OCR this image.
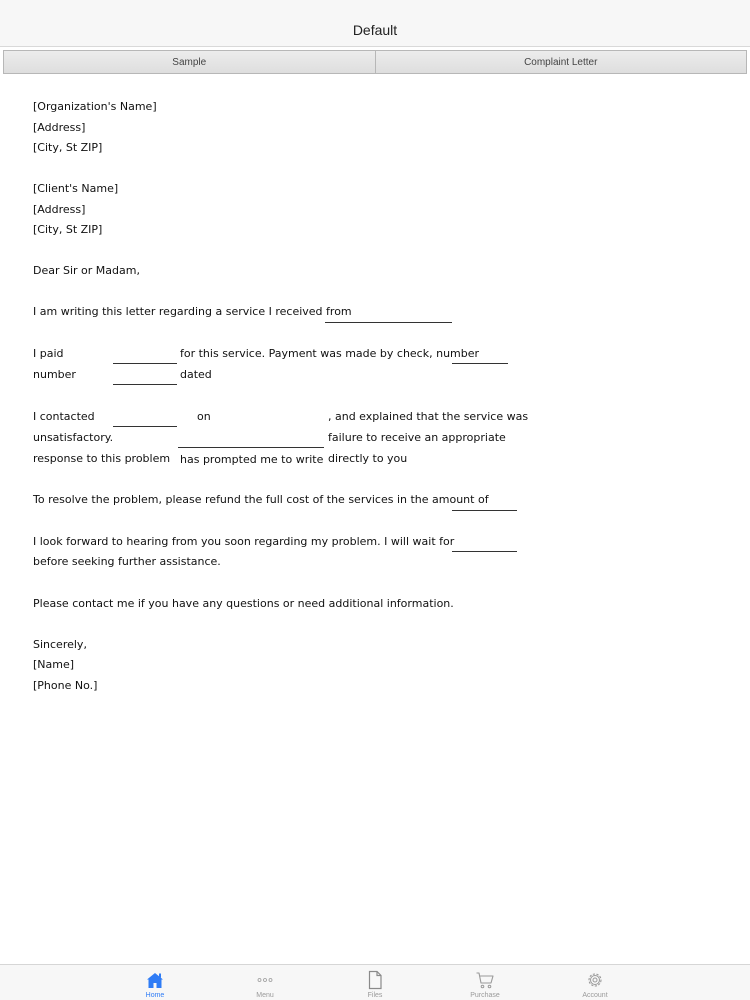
Default
Sample	Complaint Letter
[Organization's Name]
[Address]
[City, St ZIP]
[Client's Name]
[Address]
[City, St ZIP]
Dear Sir or Madam,
I am writing this letter regarding a service I received from
I paid	for this service. Payment was made by check, number
number	dated
I contacted	on	, and explained that the service was
unsatisfactory.	failure to receive an appropriate
response to this problem has prompted me to write directly to you
To resolve the problem, please refund the full cost of the services in the amount of
I look forward to hearing from you soon regarding my problem. I will wait for
before seeking further assistance.
Please contact me if you have any questions or need additional information.
Sincerely,
[Name]
[Phone No.]
Home	Menu	Files	Purchase	Account
